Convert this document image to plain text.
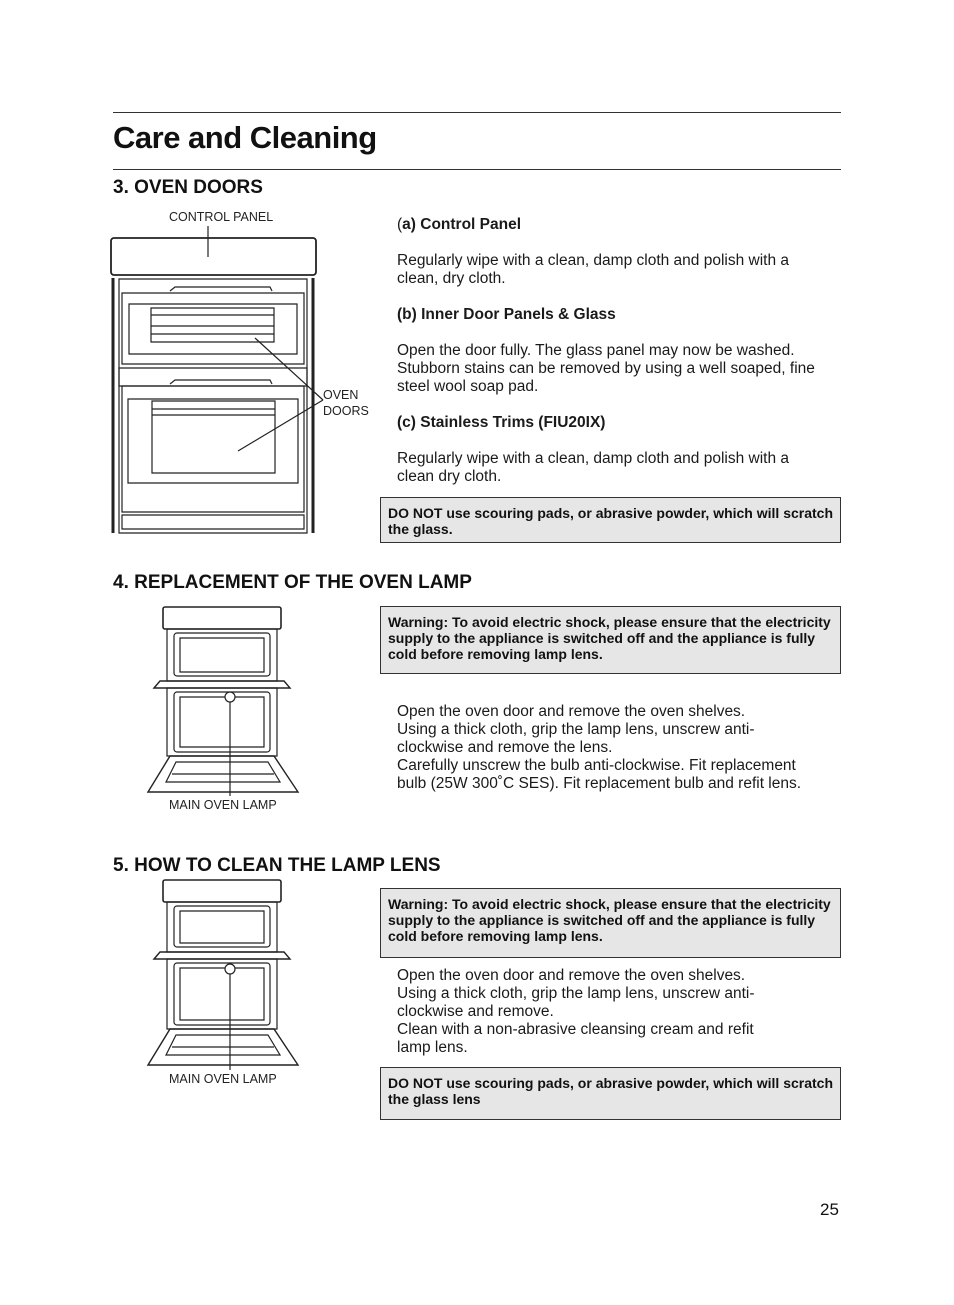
Care and Cleaning
3. OVEN DOORS
CONTROL PANEL
OVEN
DOORS
(a) Control Panel
Regularly wipe with a clean, damp cloth and polish with a clean, dry cloth.
(b) Inner Door Panels & Glass
Open the door fully. The glass panel may now be washed. Stubborn stains can be removed by using a well soaped, fine steel wool soap pad.
(c) Stainless Trims (FIU20IX)
Regularly wipe with a clean, damp cloth and polish with a clean dry cloth.
DO NOT use scouring pads, or abrasive powder, which will scratch the glass.
4. REPLACEMENT OF THE OVEN LAMP
MAIN OVEN LAMP
Warning: To avoid electric shock, please ensure that the electricity supply to the appliance is switched off and the appliance is fully cold before removing lamp lens.
Open the oven door and remove the oven shelves.
Using a thick cloth, grip the lamp lens, unscrew anti-clockwise and remove the lens.
Carefully unscrew the bulb anti-clockwise. Fit replacement bulb (25W 300˚C SES). Fit replacement bulb and refit lens.
5. HOW TO CLEAN THE LAMP LENS
MAIN OVEN LAMP
Warning: To avoid electric shock, please ensure that the electricity supply to the appliance is switched off and the appliance is fully cold before removing lamp lens.
Open the oven door and remove the oven shelves.
Using a thick cloth, grip the lamp lens, unscrew anti-clockwise and remove.
Clean with a non-abrasive cleansing cream and refit lamp lens.
DO NOT use scouring pads, or abrasive powder, which will scratch the glass lens
25
